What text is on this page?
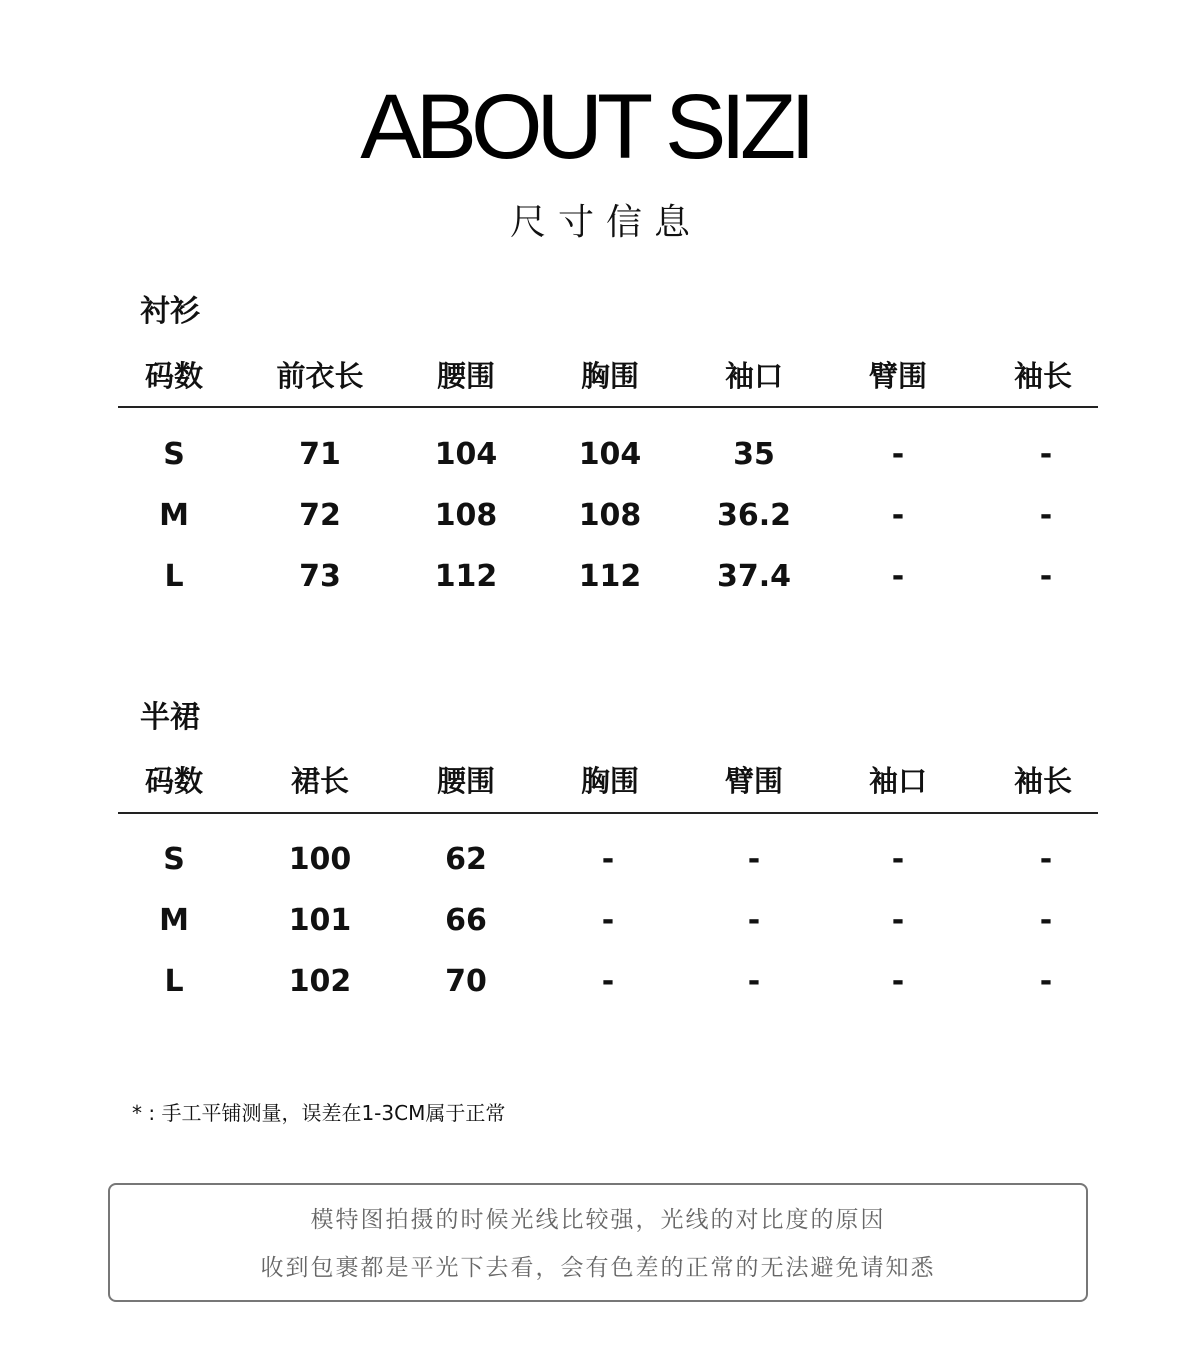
ABOUT SIZI
尺寸信息
衬衫
码数	前衣长	腰围	胸围	袖口	臂围	袖长
S	71	104	104	35	-	-
M	72	108	108	36.2	-	-
L	73	112	112	37.4	-	-
半裙
码数	裙长	腰围	胸围	臂围	袖口	袖长
S	100	62	-	-	-	-
M	101	66	-	-	-	-
L	102	70	-	-	-	-
* : 手工平铺测量，误差在1-3CM属于正常
模特图拍摄的时候光线比较强，光线的对比度的原因
收到包裹都是平光下去看，会有色差的正常的无法避免请知悉
